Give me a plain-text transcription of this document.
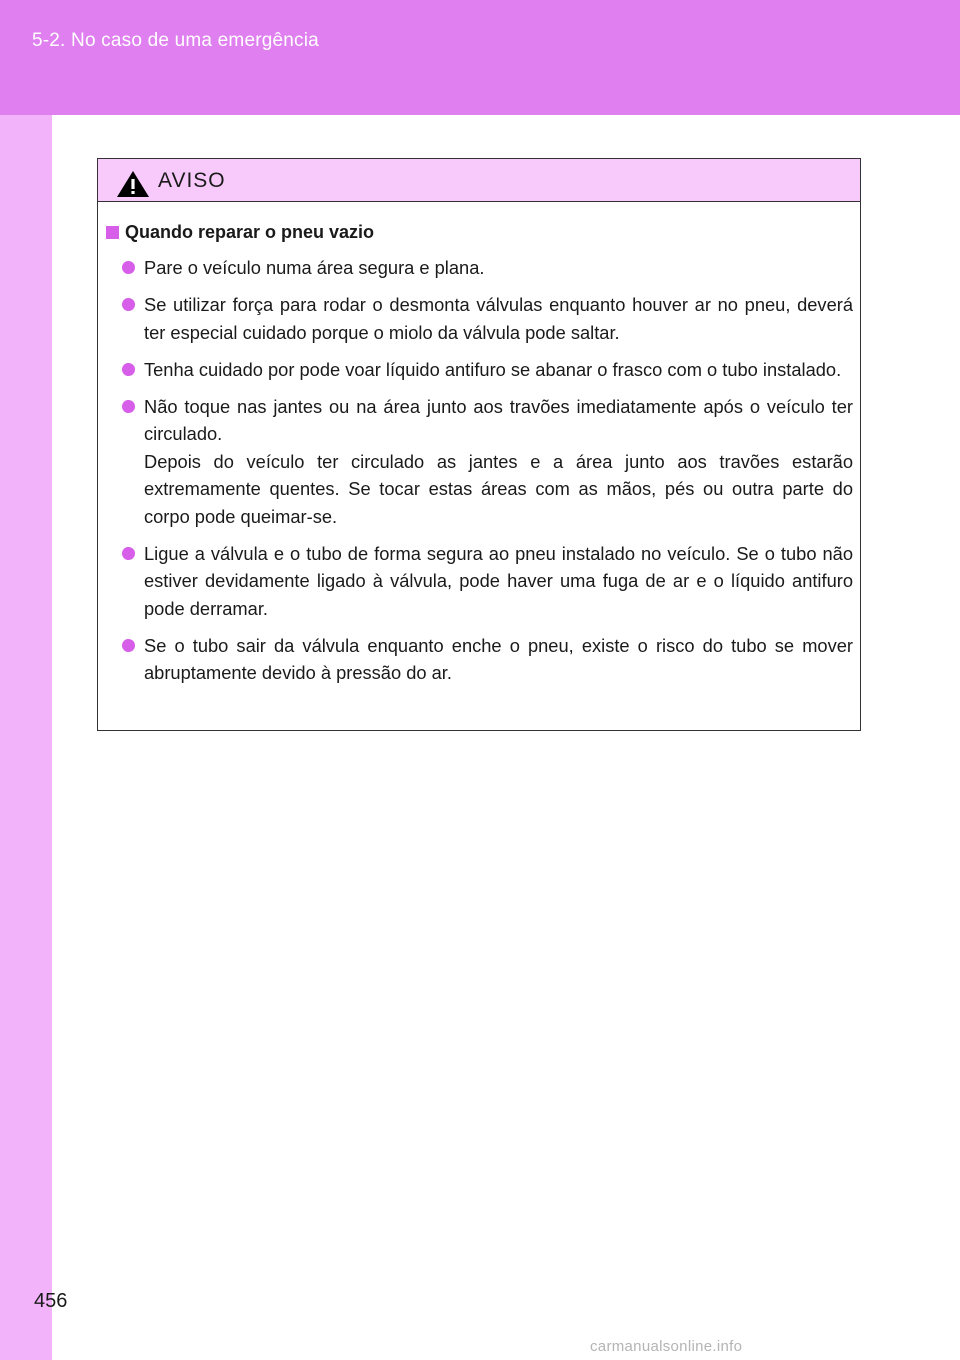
5-2. No caso de uma emergência
AVISO
Quando reparar o pneu vazio

Pare o veículo numa área segura e plana.

Se utilizar força para rodar o desmonta válvulas enquanto houver ar no pneu, deverá ter especial cuidado porque o miolo da válvula pode saltar.

Tenha cuidado por pode voar líquido antifuro se abanar o frasco com o tubo instalado.

Não toque nas jantes ou na área junto aos travões imediatamente após o veículo ter circulado.

Depois do veículo ter circulado as jantes e a área junto aos travões estarão extremamente quentes. Se tocar estas áreas com as mãos, pés ou outra parte do corpo pode queimar-se.

Ligue a válvula e o tubo de forma segura ao pneu instalado no veículo. Se o tubo não estiver devidamente ligado à válvula, pode haver uma fuga de ar e o líquido antifuro pode derramar.

Se o tubo sair da válvula enquanto enche o pneu, existe o risco do tubo se mover abruptamente devido à pressão do ar.

456
carmanualsonline.info
